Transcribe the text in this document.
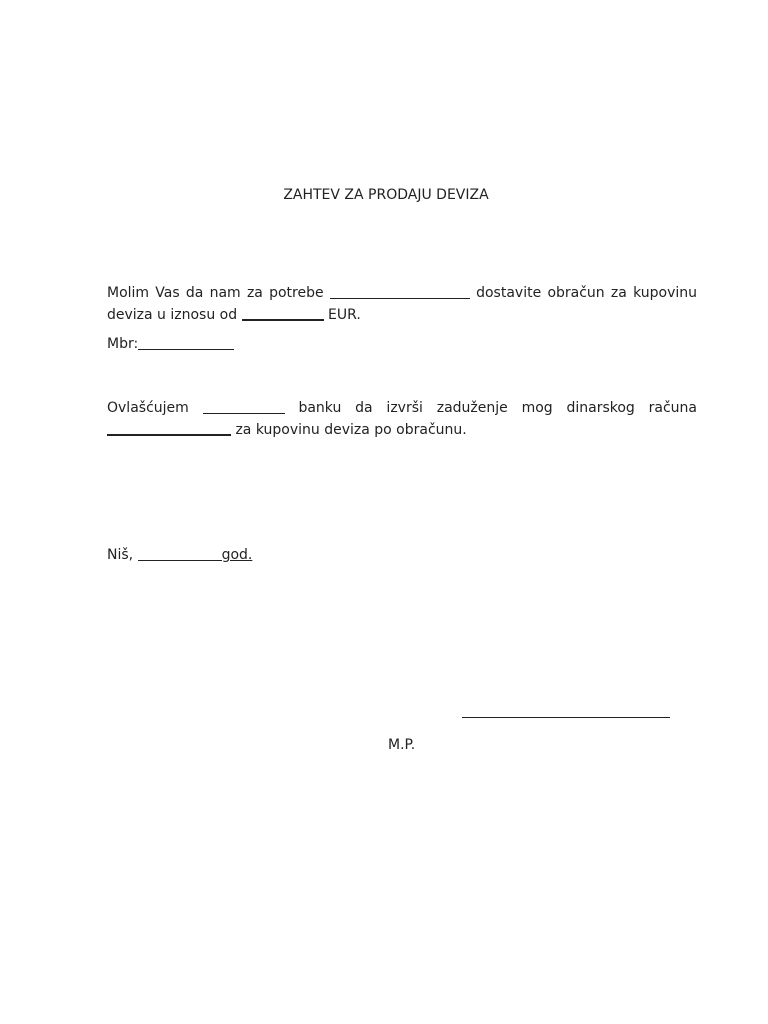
ZAHTEV ZA PRODAJU DEVIZA
Molim Vas da nam za potrebe	dostavite obračun za kupovinu
deviza u iznosu od	EUR.
Mbr:
Ovlašćujem	banku da izvrši zaduženje mog dinarskog računa
za kupovinu deviza po obračunu.
Niš,	god.
M.P.
